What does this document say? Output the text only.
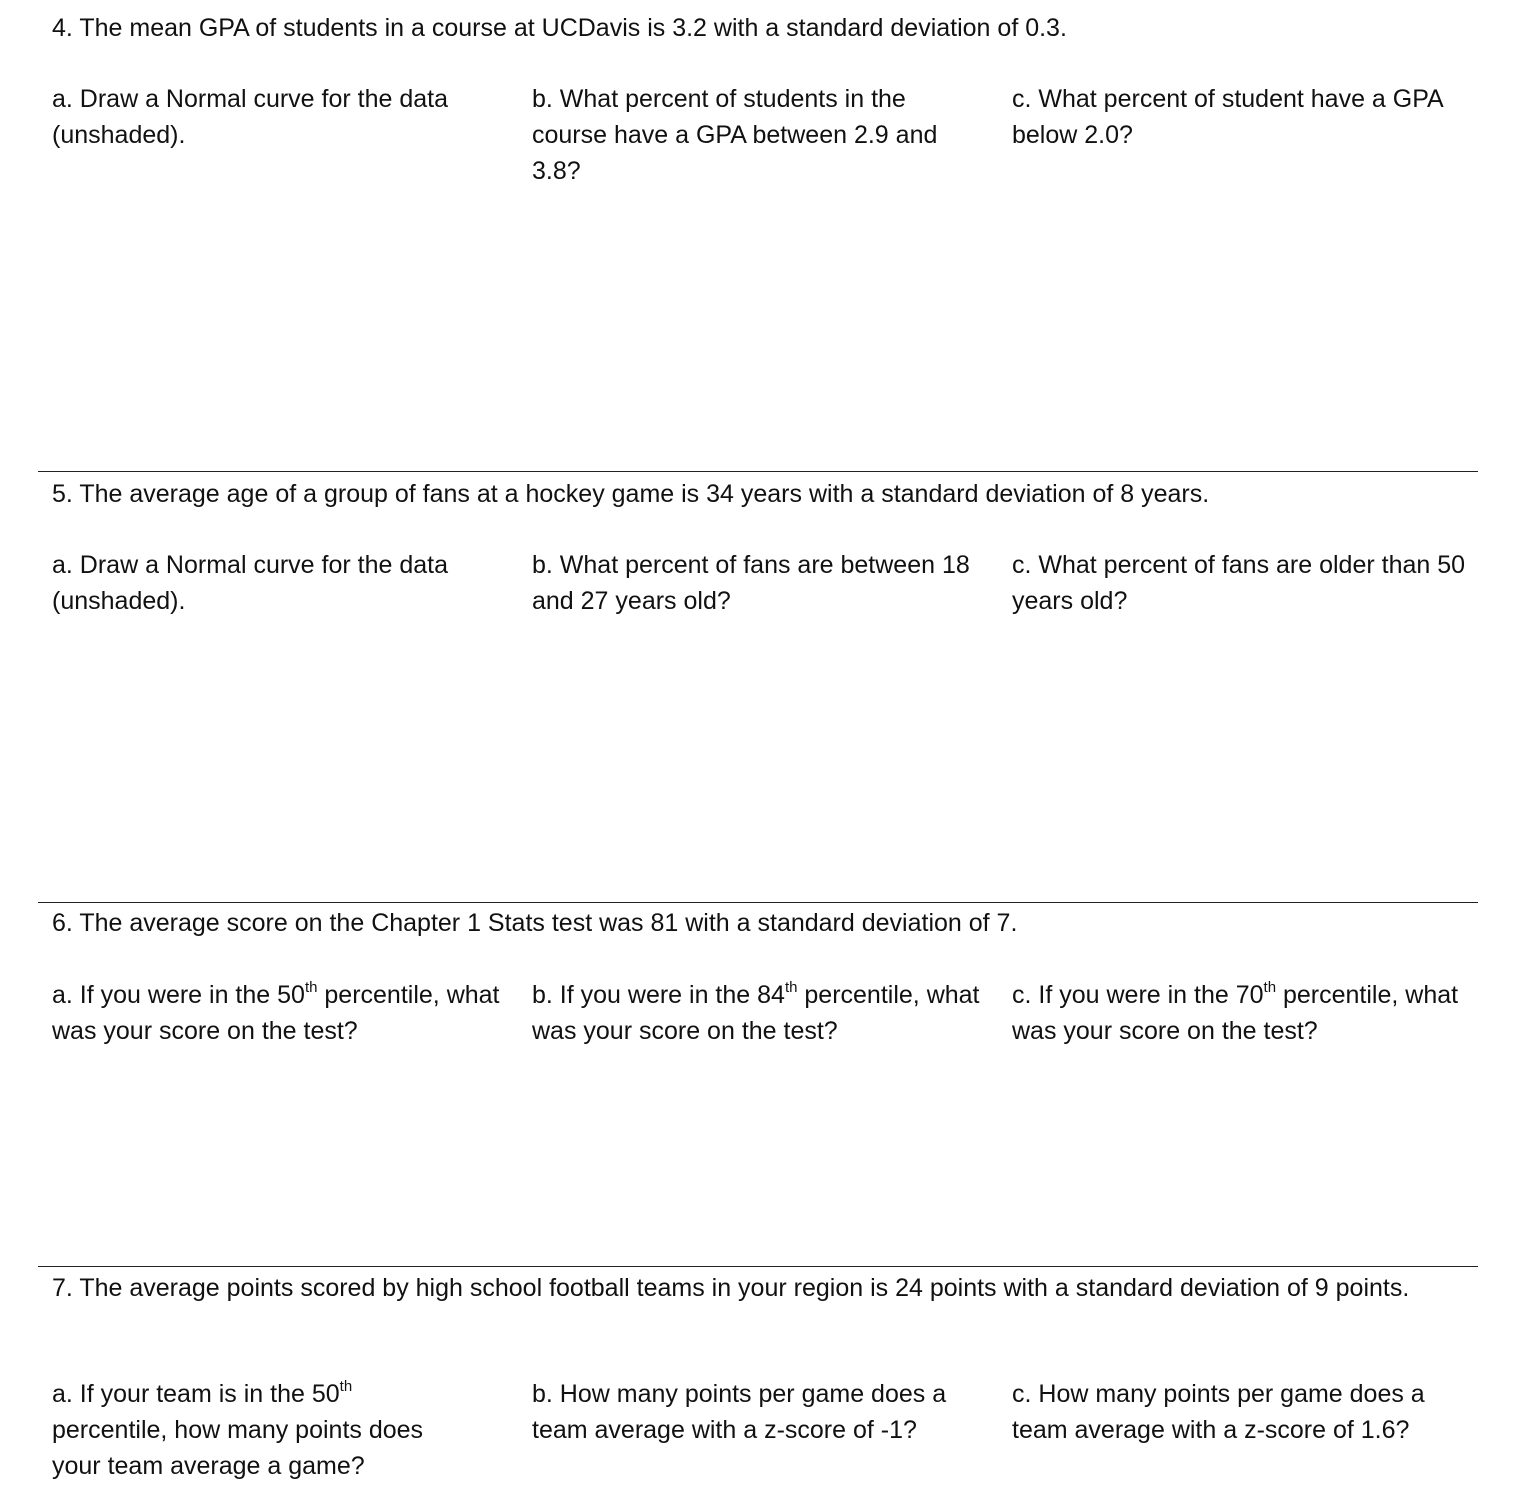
4. The mean GPA of students in a course at UCDavis is 3.2 with a standard deviation of 0.3.

a. Draw a Normal curve for the data (unshaded).

b. What percent of students in the course have a GPA between 2.9 and 3.8?

c. What percent of student have a GPA below 2.0?

5. The average age of a group of fans at a hockey game is 34 years with a standard deviation of 8 years.

a. Draw a Normal curve for the data (unshaded).

b. What percent of fans are between 18 and 27 years old?

c. What percent of fans are older than 50 years old?

6. The average score on the Chapter 1 Stats test was 81 with a standard deviation of 7.

a. If you were in the 50th percentile, what was your score on the test?

b. If you were in the 84th percentile, what was your score on the test?

c. If you were in the 70th percentile, what was your score on the test?

7. The average points scored by high school football teams in your region is 24 points with a standard deviation of 9 points.

a. If your team is in the 50th percentile, how many points does your team average a game?

b. How many points per game does a team average with a z-score of -1?

c. How many points per game does a team average with a z-score of 1.6?
